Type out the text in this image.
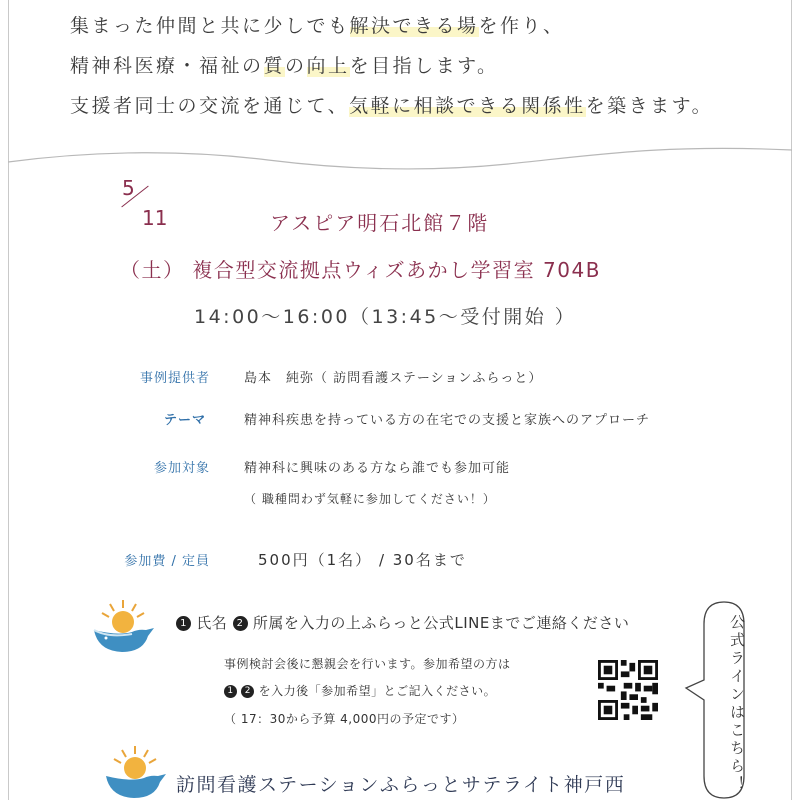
集まった仲間と共に少しでも解決できる場を作り、

精神科医療・福祉の質の向上を目指します。

支援者同士の交流を通じて、気軽に相談できる関係性を築きます。

5
11	アスピア明石北館７階
（土） 複合型交流拠点ウィズあかし学習室 704B
14:00〜16:00（13:45〜受付開始 ）
事例提供者	島本　純弥（ 訪問看護ステーションふらっと）
テーマ	精神科疾患を持っている方の在宅での支援と家族へのアプローチ
参加対象	精神科に興味のある方なら誰でも参加可能
（ 職種問わず気軽に参加してください！）
参加費 / 定員	500円（1名） / 30名まで
1 氏名 2 所属を入力の上ふらっと公式LINEまでご連絡ください
事例検討会後に懇親会を行います。参加希望の方は
1 2 を入力後「参加希望」とご記入ください。
（ 17：30から予算 4,000円の予定です）	公式ラインはこちら！
訪問看護ステーションふらっとサテライト神戸西
